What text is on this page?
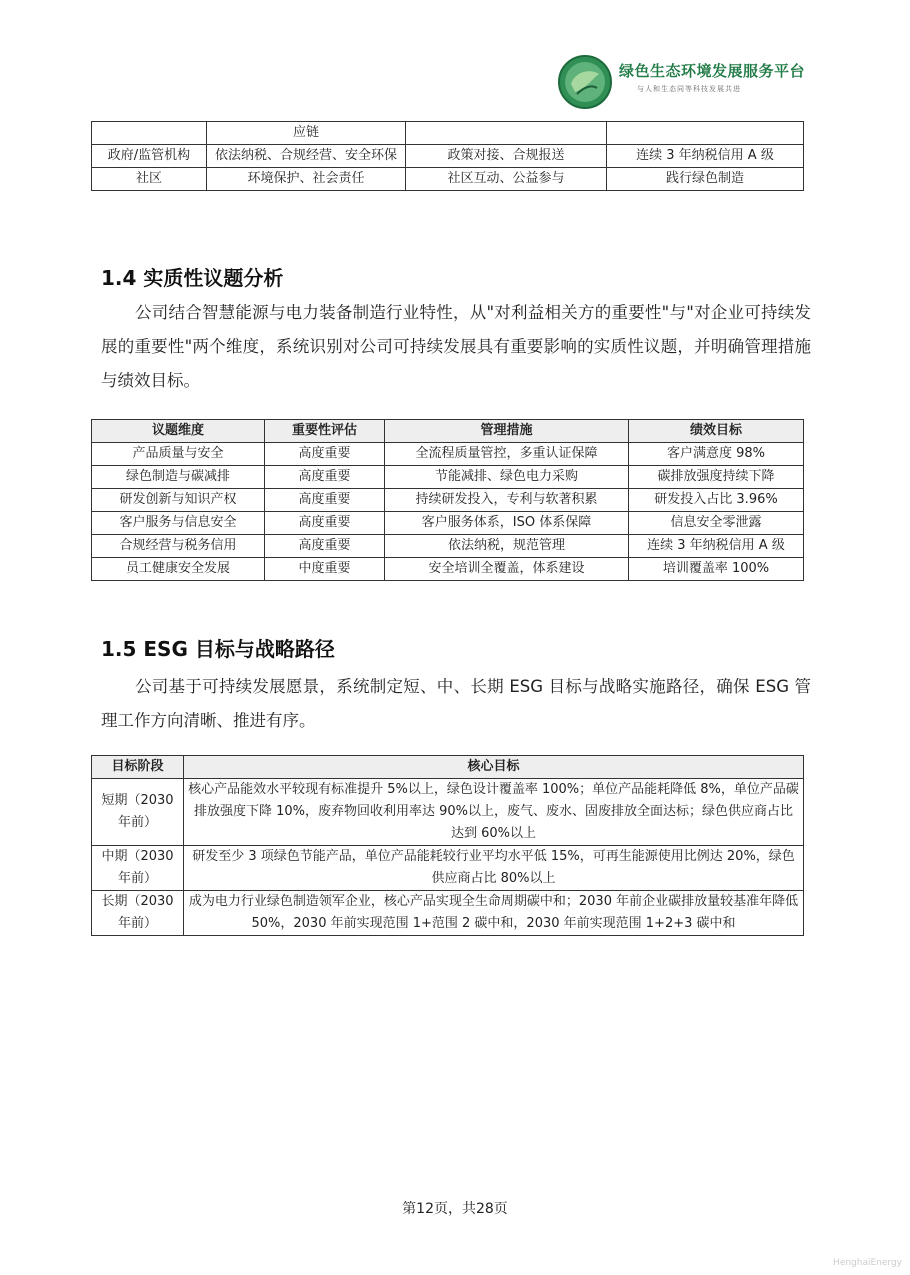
绿色生态环境发展服务平台
与人和生态同等科技发展共进
	应链		
政府/监管机构	依法纳税、合规经营、安全环保	政策对接、合规报送	连续 3 年纳税信用 A 级
社区	环境保护、社会责任	社区互动、公益参与	践行绿色制造
1.4 实质性议题分析

公司结合智慧能源与电力装备制造行业特性，从"对利益相关方的重要性"与"对企业可持续发展的重要性"两个维度，系统识别对公司可持续发展具有重要影响的实质性议题，并明确管理措施与绩效目标。

议题维度	重要性评估	管理措施	绩效目标
产品质量与安全	高度重要	全流程质量管控，多重认证保障	客户满意度 98%
绿色制造与碳减排	高度重要	节能减排、绿色电力采购	碳排放强度持续下降
研发创新与知识产权	高度重要	持续研发投入，专利与软著积累	研发投入占比 3.96%
客户服务与信息安全	高度重要	客户服务体系，ISO 体系保障	信息安全零泄露
合规经营与税务信用	高度重要	依法纳税，规范管理	连续 3 年纳税信用 A 级
员工健康安全发展	中度重要	安全培训全覆盖，体系建设	培训覆盖率 100%
1.5 ESG 目标与战略路径

公司基于可持续发展愿景，系统制定短、中、长期 ESG 目标与战略实施路径，确保 ESG 管理工作方向清晰、推进有序。

目标阶段	核心目标
短期（2030 年前）	核心产品能效水平较现有标准提升 5%以上，绿色设计覆盖率 100%；单位产品能耗降低 8%，单位产品碳排放强度下降 10%，废弃物回收利用率达 90%以上，废气、废水、固废排放全面达标；绿色供应商占比达到 60%以上
中期（2030 年前）	研发至少 3 项绿色节能产品，单位产品能耗较行业平均水平低 15%，可再生能源使用比例达 20%，绿色供应商占比 80%以上
长期（2030 年前）	成为电力行业绿色制造领军企业，核心产品实现全生命周期碳中和；2030 年前企业碳排放量较基准年降低 50%，2030 年前实现范围 1+范围 2 碳中和，2030 年前实现范围 1+2+3 碳中和
第12页，共28页
HenghaiEnergy
